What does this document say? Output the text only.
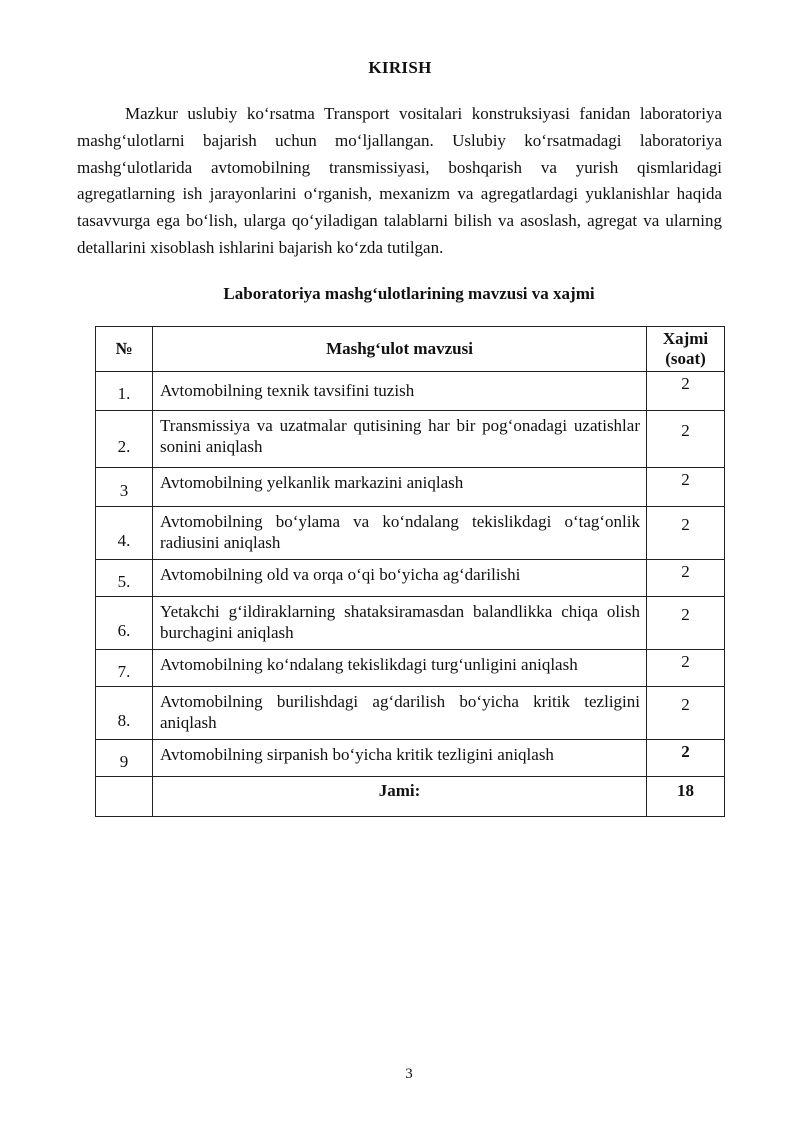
KIRISH

Mazkur uslubiy ko‘rsatma Transport vositalari konstruksiyasi fanidan laboratoriya mashg‘ulotlarni bajarish uchun mo‘ljallangan. Uslubiy ko‘rsatmadagi laboratoriya mashg‘ulotlarida avtomobilning transmissiyasi, boshqarish va yurish qismlaridagi agregatlarning ish jarayonlarini o‘rganish, mexanizm va agregatlardagi yuklanishlar haqida tasavvurga ega bo‘lish, ularga qo‘yiladigan talablarni bilish va asoslash, agregat va ularning detallarini xisoblash ishlarini bajarish ko‘zda tutilgan.

Laboratoriya mashg‘ulotlarining mavzusi va xajmi
№	Mashg‘ulot mavzusi	Xajmi
(soat)

1.	Avtomobilning texnik tavsifini tuzish	2
2.	Transmissiya va uzatmalar qutisining har bir pog‘onadagi uzatishlar sonini aniqlash	2
3	Avtomobilning yelkanlik markazini aniqlash	2
4.	Avtomobilning bo‘ylama va ko‘ndalang tekislikdagi o‘tag‘onlik radiusini aniqlash	2
5.	Avtomobilning old va orqa o‘qi bo‘yicha ag‘darilishi	2
6.	Yetakchi g‘ildiraklarning shataksiramasdan balandlikka chiqa olish burchagini aniqlash	2
7.	Avtomobilning ko‘ndalang tekislikdagi turg‘unligini aniqlash	2
8.	Avtomobilning burilishdagi ag‘darilish bo‘yicha kritik tezligini aniqlash	2
9	Avtomobilning sirpanish bo‘yicha kritik tezligini aniqlash	2
	Jami:	18
3
